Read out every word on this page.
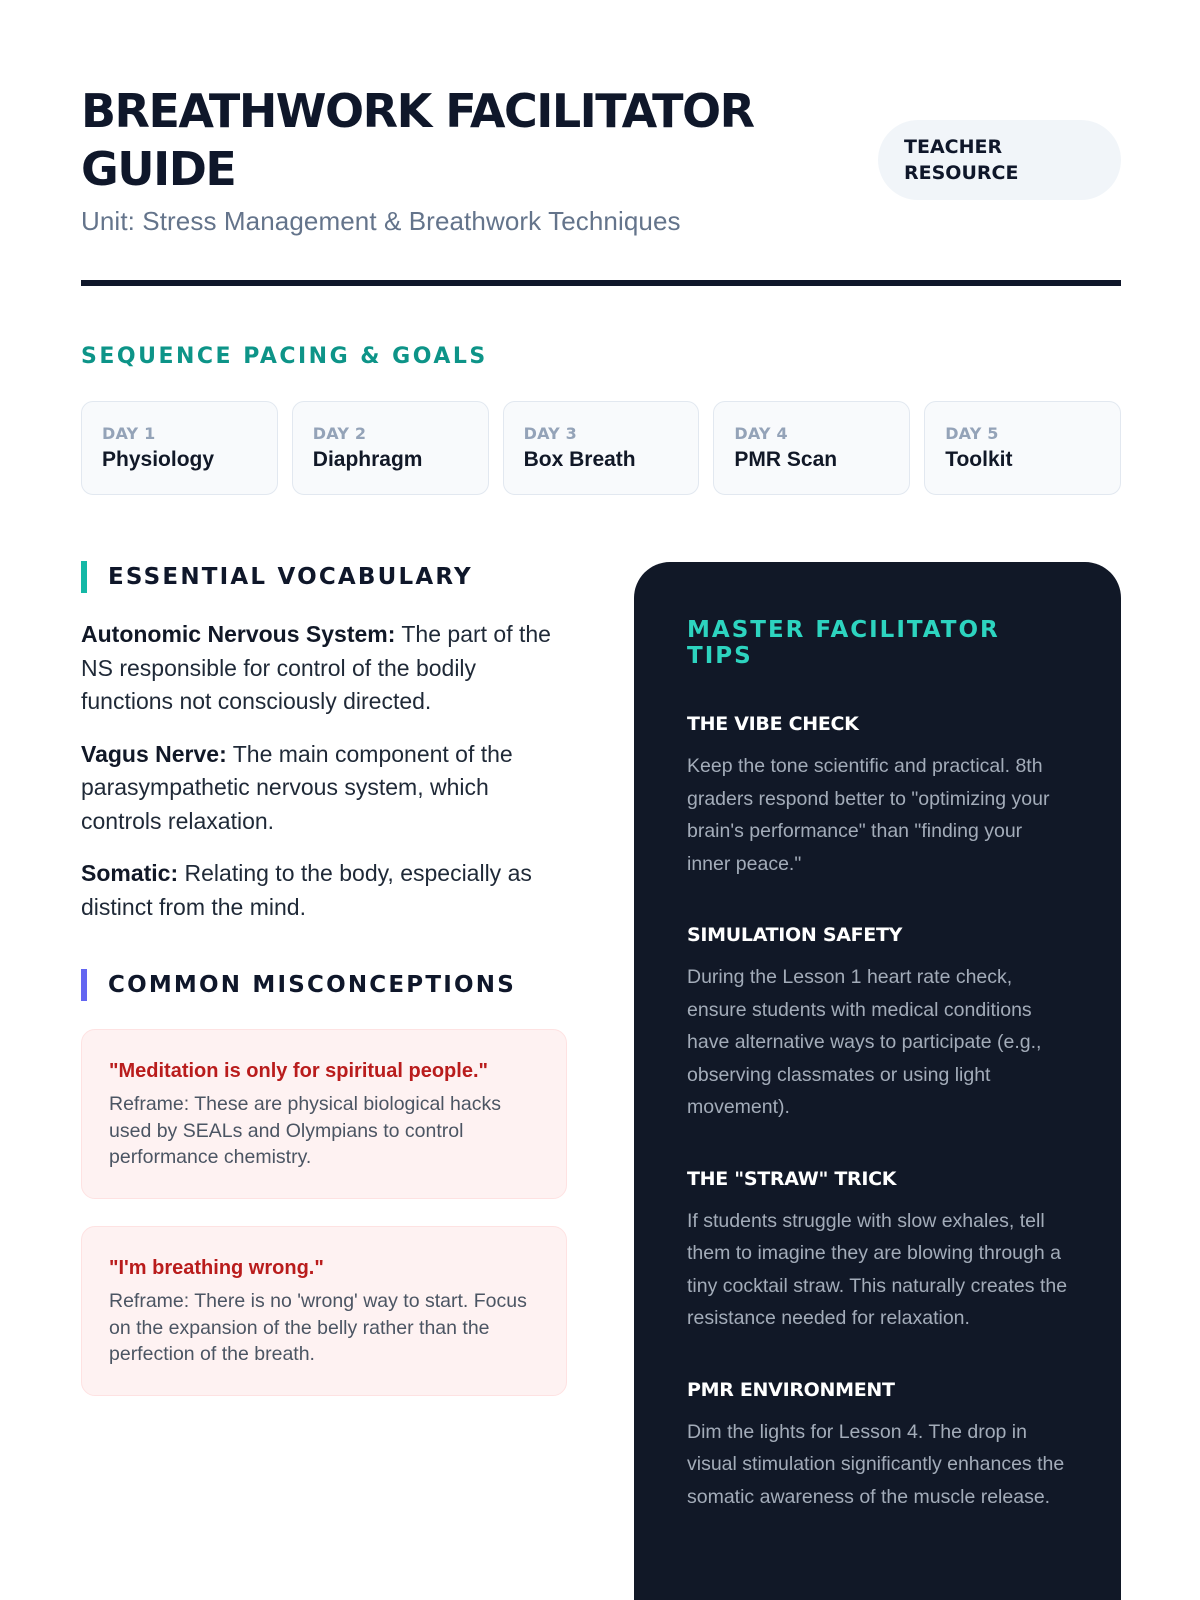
BREATHWORK FACILITATOR GUIDE
Unit: Stress Management & Breathwork Techniques
TEACHER RESOURCE
SEQUENCE PACING & GOALS
DAY 1
Physiology
DAY 2
Diaphragm
DAY 3
Box Breath
DAY 4
PMR Scan
DAY 5
Toolkit
ESSENTIAL VOCABULARY

Autonomic Nervous System: The part of the NS responsible for control of the bodily functions not consciously directed.

Vagus Nerve: The main component of the parasympathetic nervous system, which controls relaxation.

Somatic: Relating to the body, especially as distinct from the mind.

COMMON MISCONCEPTIONS
"Meditation is only for spiritual people."
Reframe: These are physical biological hacks used by SEALs and Olympians to control performance chemistry.
"I'm breathing wrong."
Reframe: There is no 'wrong' way to start. Focus on the expansion of the belly rather than the perfection of the breath.
MASTER FACILITATOR TIPS
THE VIBE CHECK
Keep the tone scientific and practical. 8th graders respond better to "optimizing your brain's performance" than "finding your inner peace."
SIMULATION SAFETY
During the Lesson 1 heart rate check, ensure students with medical conditions have alternative ways to participate (e.g., observing classmates or using light movement).
THE "STRAW" TRICK
If students struggle with slow exhales, tell them to imagine they are blowing through a tiny cocktail straw. This naturally creates the resistance needed for relaxation.
PMR ENVIRONMENT
Dim the lights for Lesson 4. The drop in visual stimulation significantly enhances the somatic awareness of the muscle release.
